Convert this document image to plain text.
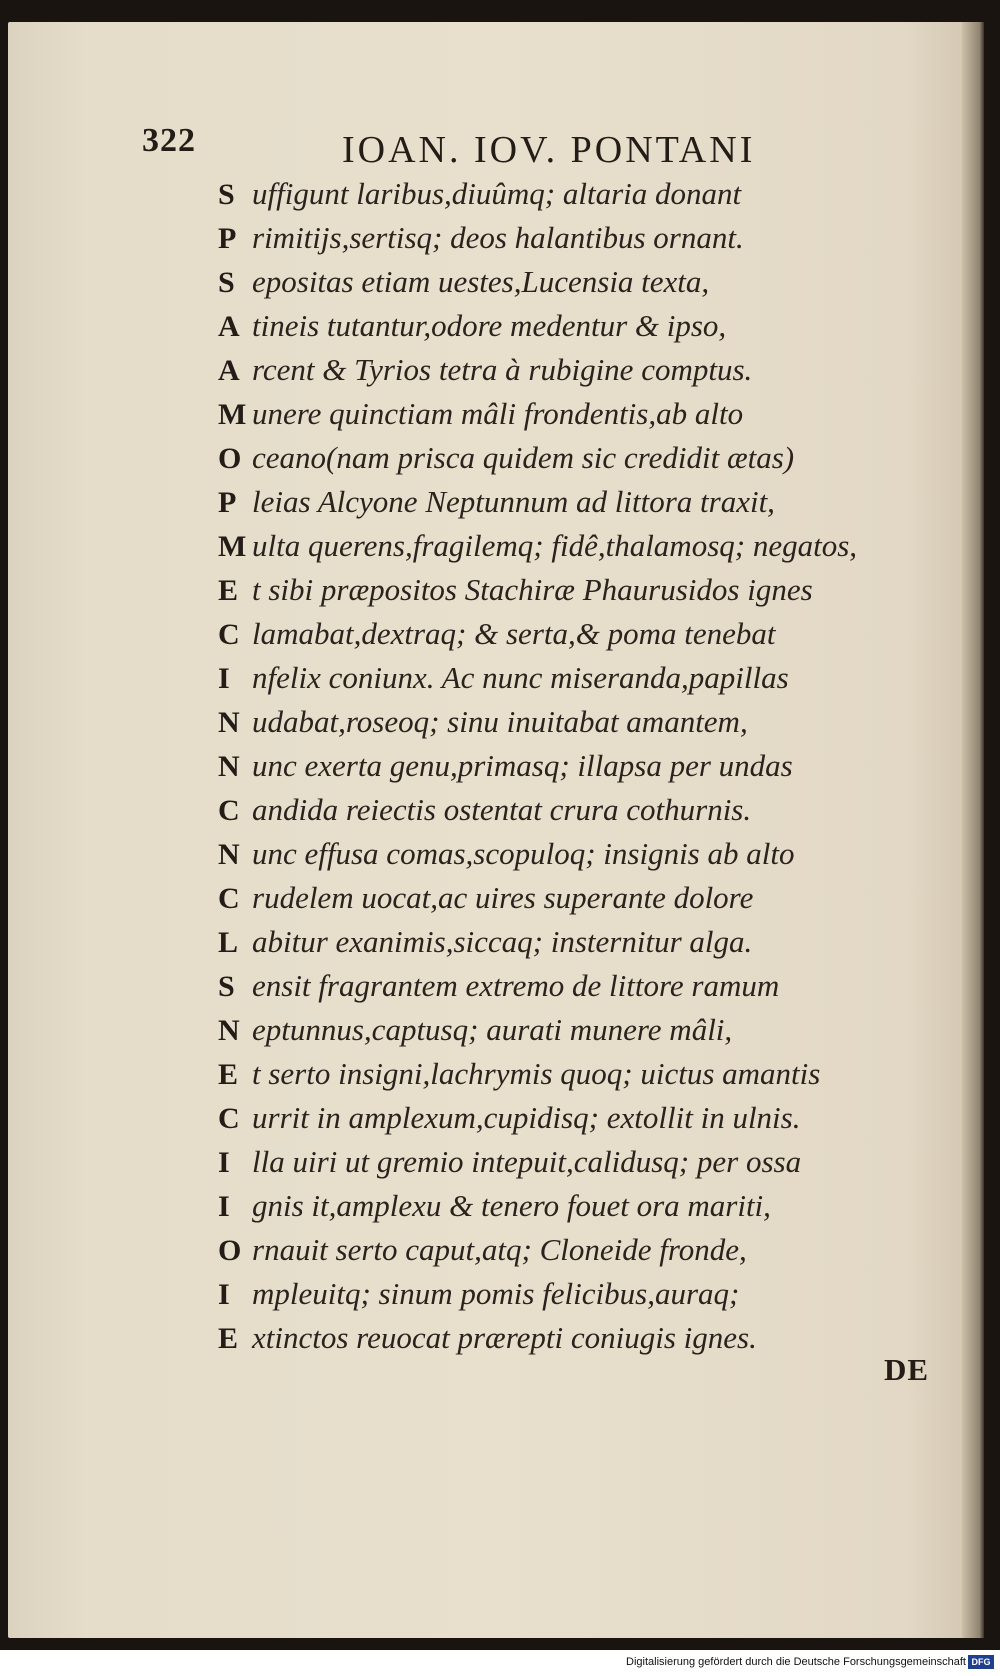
322	IOAN. IOV. PONTANI
S uffigunt laribus,diuûmq; altaria donant
P rimitijs,sertisq; deos halantibus ornant.
S epositas etiam uestes,Lucensia texta,
A tineis tutantur,odore medentur & ipso,
A rcent & Tyrios tetra à rubigine comptus.
M unere quinctiam mâli frondentis,ab alto
O ceano(nam prisca quidem sic credidit ætas)
P leias Alcyone Neptunnum ad littora traxit,
M ulta querens,fragilemq; fidê,thalamosq; negatos,
E t sibi præpositos Stachiræ Phaurusidos ignes
C lamabat,dextraq; & serta,& poma tenebat
I nfelix coniunx. Ac nunc miseranda,papillas
N udabat,roseoq; sinu inuitabat amantem,
N unc exerta genu,primasq; illapsa per undas
C andida reiectis ostentat crura cothurnis.
N unc effusa comas,scopuloq; insignis ab alto
C rudelem uocat,ac uires superante dolore
L abitur exanimis,siccaq; insternitur alga.
S ensit fragrantem extremo de littore ramum
N eptunnus,captusq; aurati munere mâli,
E t serto insigni,lachrymis quoq; uictus amantis
C urrit in amplexum,cupidisq; extollit in ulnis.
I lla uiri ut gremio intepuit,calidusq; per ossa
I gnis it,amplexu & tenero fouet ora mariti,
O rnauit serto caput,atq; Cloneide fronde,
I mpleuitq; sinum pomis felicibus,auraq;
E xtinctos reuocat prærepti coniugis ignes.
DE
Digitalisierung gefördert durch die Deutsche Forschungsgemeinschaft DFG
